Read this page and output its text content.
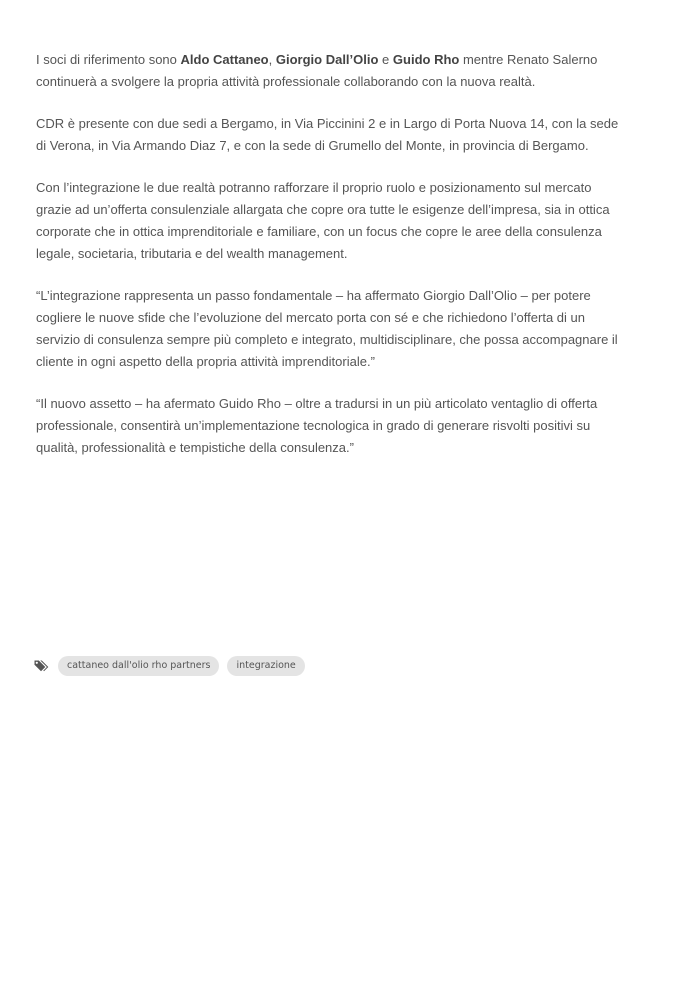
I soci di riferimento sono Aldo Cattaneo, Giorgio Dall’Olio e Guido Rho mentre Renato Salerno continuerà a svolgere la propria attività professionale collaborando con la nuova realtà.

CDR è presente con due sedi a Bergamo, in Via Piccinini 2 e in Largo di Porta Nuova 14, con la sede di Verona, in Via Armando Diaz 7, e con la sede di Grumello del Monte, in provincia di Bergamo.

Con l’integrazione le due realtà potranno rafforzare il proprio ruolo e posizionamento sul mercato grazie ad un’offerta consulenziale allargata che copre ora tutte le esigenze dell’impresa, sia in ottica corporate che in ottica imprenditoriale e familiare, con un focus che copre le aree della consulenza legale, societaria, tributaria e del wealth management.

“L’integrazione rappresenta un passo fondamentale – ha affermato Giorgio Dall’Olio – per potere cogliere le nuove sfide che l’evoluzione del mercato porta con sé e che richiedono l’offerta di un servizio di consulenza sempre più completo e integrato, multidisciplinare, che possa accompagnare il cliente in ogni aspetto della propria attività imprenditoriale.”

“Il nuovo assetto – ha afermato Guido Rho – oltre a tradursi in un più articolato ventaglio di offerta professionale, consentirà un’implementazione tecnologica in grado di generare risvolti positivi su qualità, professionalità e tempistiche della consulenza.”

cattaneo dall'olio rho partners	integrazione
